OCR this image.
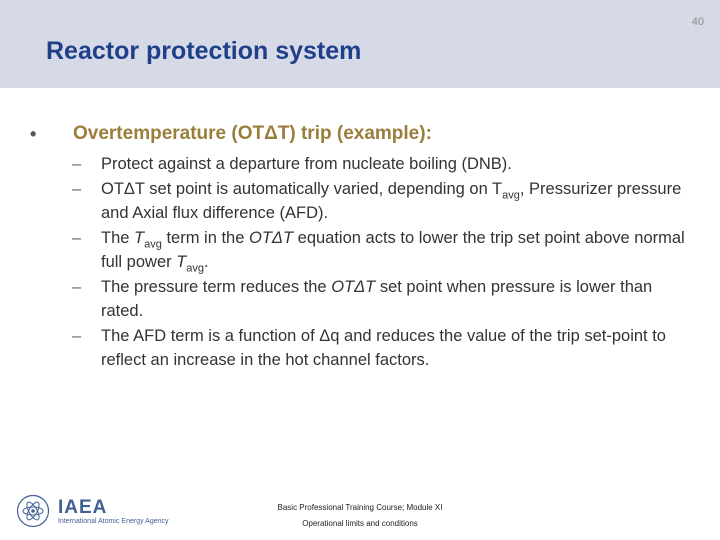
40
Reactor protection system
• Overtemperature (OTΔT) trip (example):
– Protect against a departure from nucleate boiling (DNB).
– OTΔT set point is automatically varied, depending on $T_{avg}$, Pressurizer pressure and Axial flux difference (AFD).
– The $T_{avg}$ term in the OTΔT equation acts to lower the trip set point above normal full power $T_{avg}$.
– The pressure term reduces the OTΔT set point when pressure is lower than rated.
– The AFD term is a function of Δq and reduces the value of the trip set-point to reflect an increase in the hot channel factors.
IAEA
International Atomic Energy Agency
Basic Professional Training Course; Module XI
Operational limits and conditions
